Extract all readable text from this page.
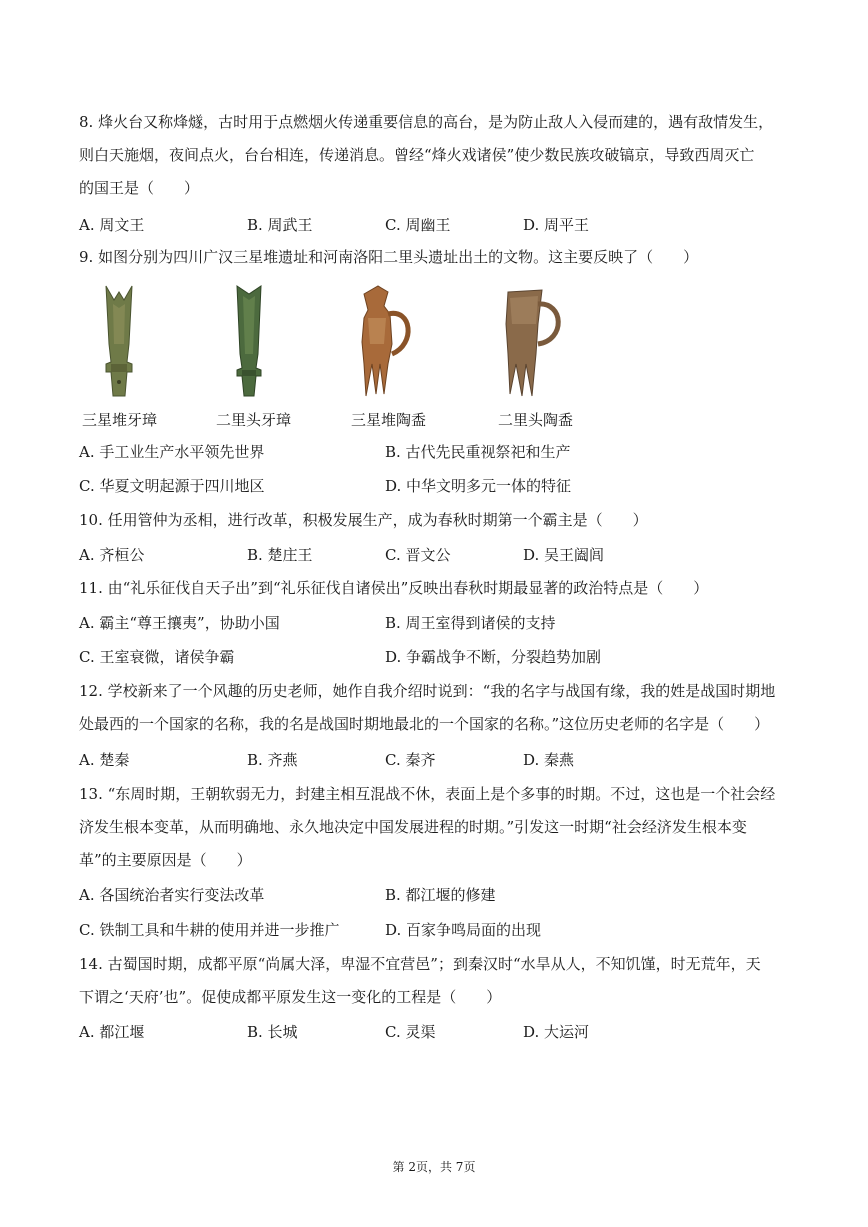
8. 烽火台又称烽燧，古时用于点燃烟火传递重要信息的高台，是为防止敌人入侵而建的，遇有敌情发生，

则白天施烟，夜间点火，台台相连，传递消息。曾经“烽火戏诸侯”使少数民族攻破镐京，导致西周灭亡

的国王是（　　）

A. 周文王	B. 周武王	C. 周幽王	D. 周平王

9. 如图分别为四川广汉三星堆遗址和河南洛阳二里头遗址出土的文物。这主要反映了（　　）

三星堆牙璋	二里头牙璋	三星堆陶盉	二里头陶盉
A. 手工业生产水平领先世界	B. 古代先民重视祭祀和生产
C. 华夏文明起源于四川地区	D. 中华文明多元一体的特征

10. 任用管仲为丞相，进行改革，积极发展生产，成为春秋时期第一个霸主是（　　）

A. 齐桓公	B. 楚庄王	C. 晋文公	D. 吴王阖闾

11. 由“礼乐征伐自天子出”到“礼乐征伐自诸侯出”反映出春秋时期最显著的政治特点是（　　）

A. 霸主“尊王攘夷”，协助小国	B. 周王室得到诸侯的支持
C. 王室衰微，诸侯争霸	D. 争霸战争不断，分裂趋势加剧

12. 学校新来了一个风趣的历史老师，她作自我介绍时说到：“我的名字与战国有缘，我的姓是战国时期地

处最西的一个国家的名称，我的名是战国时期地最北的一个国家的名称。”这位历史老师的名字是（　　）

A. 楚秦	B. 齐燕	C. 秦齐	D. 秦燕

13. “东周时期，王朝软弱无力，封建主相互混战不休，表面上是个多事的时期。不过，这也是一个社会经

济发生根本变革，从而明确地、永久地决定中国发展进程的时期。”引发这一时期“社会经济发生根本变

革”的主要原因是（　　）

A. 各国统治者实行变法改革	B. 都江堰的修建
C. 铁制工具和牛耕的使用并进一步推广	D. 百家争鸣局面的出现

14. 古蜀国时期，成都平原“尚属大泽，卑湿不宜营邑”；到秦汉时“水旱从人，不知饥馑，时无荒年，天

下谓之‘天府’也”。促使成都平原发生这一变化的工程是（　　）

A. 都江堰	B. 长城	C. 灵渠	D. 大运河
第 2页，共 7页
